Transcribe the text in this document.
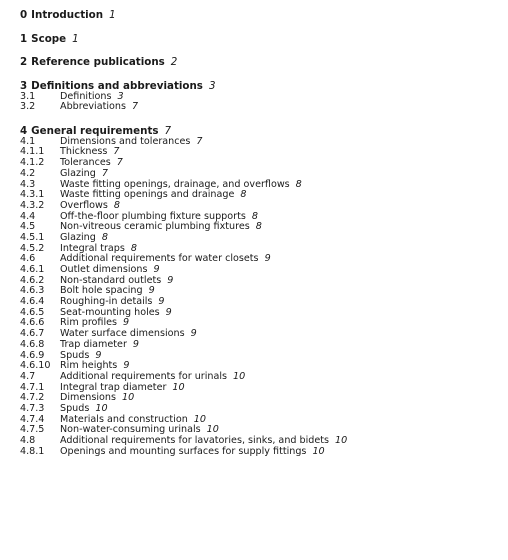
0 Introduction 1
1 Scope 1
2 Reference publications 2
3 Definitions and abbreviations 3
3.1	Definitions 3
3.2	Abbreviations 7
4 General requirements 7
4.1	Dimensions and tolerances 7
4.1.1 Thickness 7
4.1.2 Tolerances 7
4.2	Glazing 7
4.3	Waste fitting openings, drainage, and overflows 8
4.3.1 Waste fitting openings and drainage 8
4.3.2 Overflows 8
4.4	Off-the-floor plumbing fixture supports 8
4.5	Non-vitreous ceramic plumbing fixtures 8
4.5.1 Glazing 8
4.5.2 Integral traps 8
4.6	Additional requirements for water closets 9
4.6.1 Outlet dimensions 9
4.6.2 Non-standard outlets 9
4.6.3 Bolt hole spacing 9
4.6.4 Roughing-in details 9
4.6.5 Seat-mounting holes 9
4.6.6 Rim profiles 9
4.6.7 Water surface dimensions 9
4.6.8 Trap diameter 9
4.6.9 Spuds 9
4.6.10 Rim heights 9
4.7	Additional requirements for urinals 10
4.7.1 Integral trap diameter 10
4.7.2 Dimensions 10
4.7.3 Spuds 10
4.7.4 Materials and construction 10
4.7.5 Non-water-consuming urinals 10
4.8	Additional requirements for lavatories, sinks, and bidets 10
4.8.1 Openings and mounting surfaces for supply fittings 10
